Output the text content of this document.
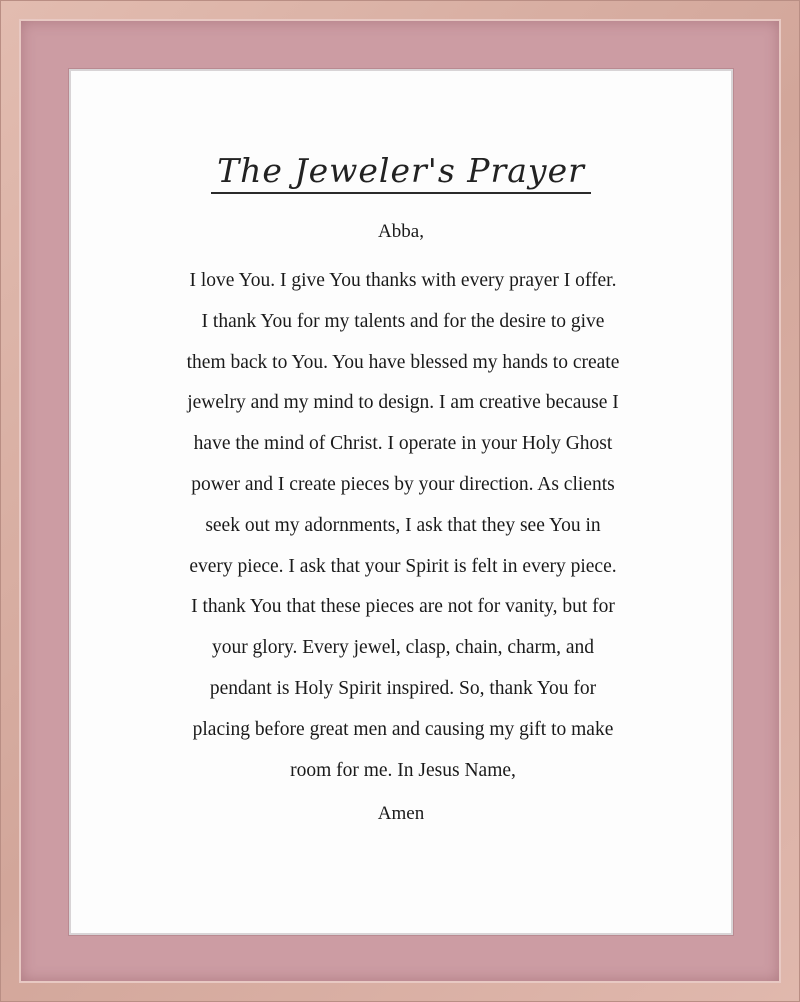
The Jeweler's Prayer
Abba,
I love You. I give You thanks with every prayer I offer.
I thank You for my talents and for the desire to give
them back to You. You have blessed my hands to create
jewelry and my mind to design. I am creative because I
have the mind of Christ. I operate in your Holy Ghost
power and I create pieces by your direction. As clients
seek out my adornments, I ask that they see You in
every piece. I ask that your Spirit is felt in every piece.
I thank You that these pieces are not for vanity, but for
your glory. Every jewel, clasp, chain, charm, and
pendant is Holy Spirit inspired. So, thank You for
placing before great men and causing my gift to make
room for me. In Jesus Name,
Amen
